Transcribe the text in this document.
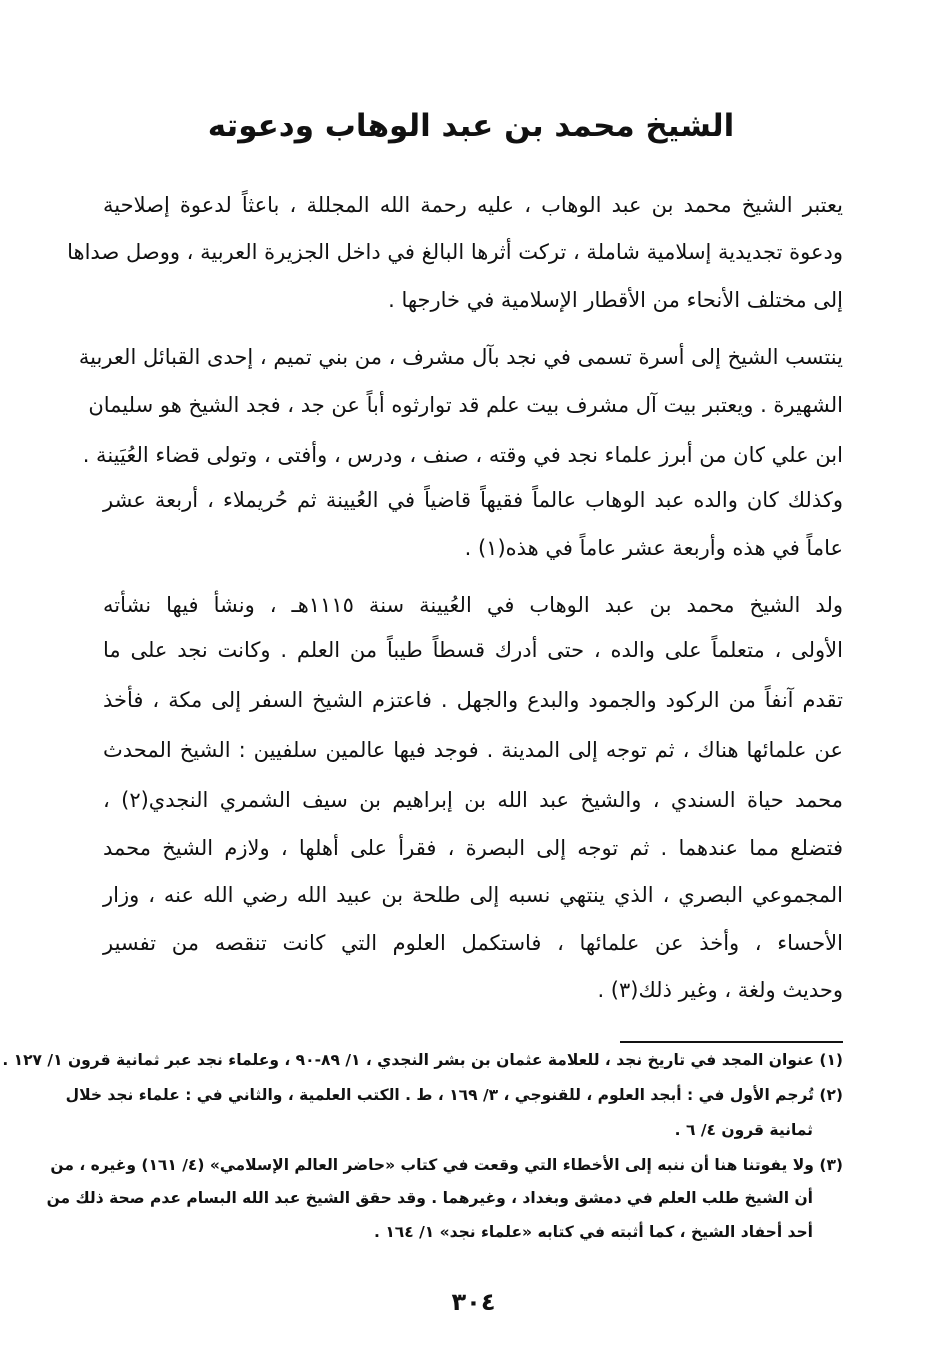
الشيخ محمد بن عبد الوهاب ودعوته
يعتبر الشيخ محمد بن عبد الوهاب ، عليه رحمة الله المجللة ، باعثاً لدعوة إصلاحية
ودعوة تجديدية إسلامية شاملة ، تركت أثرها البالغ في داخل الجزيرة العربية ، ووصل صداها
إلى مختلف الأنحاء من الأقطار الإسلامية في خارجها .
ينتسب الشيخ إلى أسرة تسمى في نجد بآل مشرف ، من بني تميم ، إحدى القبائل العربية
الشهيرة . ويعتبر بيت آل مشرف بيت علم قد توارثوه أباً عن جد ، فجد الشيخ هو سليمان
ابن علي كان من أبرز علماء نجد في وقته ، صنف ، ودرس ، وأفتى ، وتولى قضاء العُيَينة .
وكذلك كان والده عبد الوهاب عالماً فقيهاً قاضياً في العُيينة ثم حُريملاء ، أربعة عشر
عاماً في هذه وأربعة عشر عاماً في هذه(١) .
ولد الشيخ محمد بن عبد الوهاب في العُيينة سنة ١١١٥هـ ، ونشأ فيها نشأته
الأولى ، متعلماً على والده ، حتى أدرك قسطاً طيباً من العلم . وكانت نجد على ما
تقدم آنفاً من الركود والجمود والبدع والجهل . فاعتزم الشيخ السفر إلى مكة ، فأخذ
عن علمائها هناك ، ثم توجه إلى المدينة . فوجد فيها عالمين سلفيين : الشيخ المحدث
محمد حياة السندي ، والشيخ عبد الله بن إبراهيم بن سيف الشمري النجدي(٢) ،
فتضلع مما عندهما . ثم توجه إلى البصرة ، فقرأ على أهلها ، ولازم الشيخ محمد
المجموعي البصري ، الذي ينتهي نسبه إلى طلحة بن عبيد الله رضي الله عنه ، وزار
الأحساء ، وأخذ عن علمائها ، فاستكمل العلوم التي كانت تنقصه من تفسير
وحديث ولغة ، وغير ذلك(٣) .
(١) عنوان المجد في تاريخ نجد ، للعلامة عثمان بن بشر النجدي ، ١/ ٨٩-٩٠ ، وعلماء نجد عبر ثمانية قرون ١/ ١٢٧ .
(٢) تُرجم الأول في : أبجد العلوم ، للقنوجي ، ٣/ ١٦٩ ، ط . الكتب العلمية ، والثاني في : علماء نجد خلال
ثمانية قرون ٤/ ٦ .
(٣) ولا يفوتنا هنا أن ننبه إلى الأخطاء التي وقعت في كتاب «حاضر العالم الإسلامي» (٤/ ١٦١) وغيره ، من
أن الشيخ طلب العلم في دمشق وبغداد ، وغيرهما . وقد حقق الشيخ عبد الله البسام عدم صحة ذلك من
أحد أحفاد الشيخ ، كما أثبته في كتابه «علماء نجد» ١/ ١٦٤ .
٣٠٤
